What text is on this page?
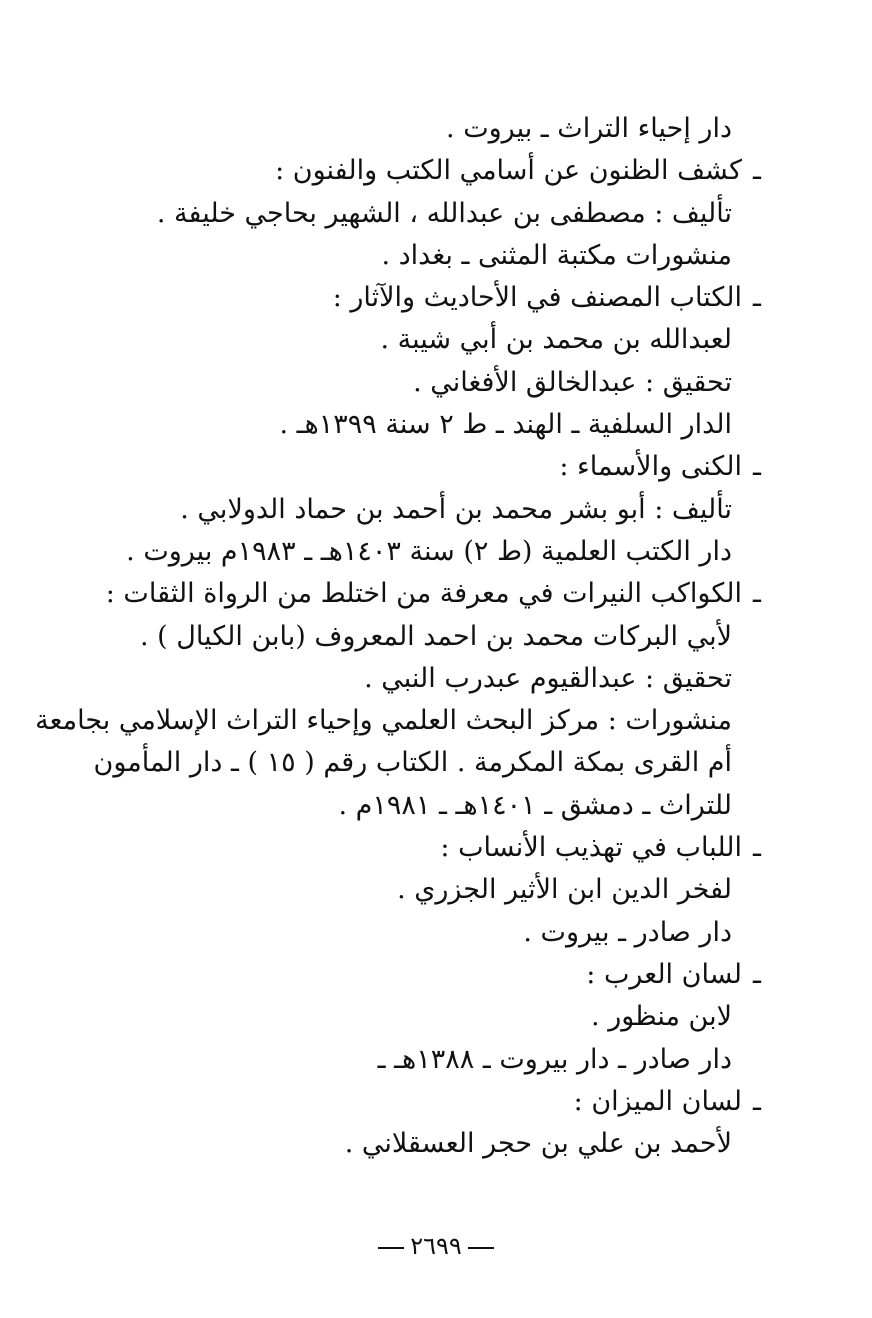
دار إحياء التراث ـ بيروت .
ـكشف الظنون عن أسامي الكتب والفنون :
تأليف : مصطفى بن عبدالله ، الشهير بحاجي خليفة .
منشورات مكتبة المثنى ـ بغداد .
ـالكتاب المصنف في الأحاديث والآثار :
لعبدالله بن محمد بن أبي شيبة .
تحقيق : عبدالخالق الأفغاني .
الدار السلفية ـ الهند ـ ط ٢ سنة ١٣٩٩هـ .
ـالكنى والأسماء :
تأليف : أبو بشر محمد بن أحمد بن حماد الدولابي .
دار الكتب العلمية (ط ٢) سنة ١٤٠٣هـ ـ ١٩٨٣م بيروت .
ـالكواكب النيرات في معرفة من اختلط من الرواة الثقات :
لأبي البركات محمد بن احمد المعروف (بابن الكيال ) .
تحقيق : عبدالقيوم عبدرب النبي .
منشورات : مركز البحث العلمي وإحياء التراث الإسلامي بجامعة
أم القرى بمكة المكرمة . الكتاب رقم ( ١٥ ) ـ دار المأمون
للتراث ـ دمشق ـ ١٤٠١هـ ـ ١٩٨١م .
ـاللباب في تهذيب الأنساب :
لفخر الدين ابن الأثير الجزري .
دار صادر ـ بيروت .
ـلسان العرب :
لابن منظور .
دار صادر ـ دار بيروت ـ ١٣٨٨هـ ـ
ـلسان الميزان :
لأحمد بن علي بن حجر العسقلاني .
٢٦٩٩
